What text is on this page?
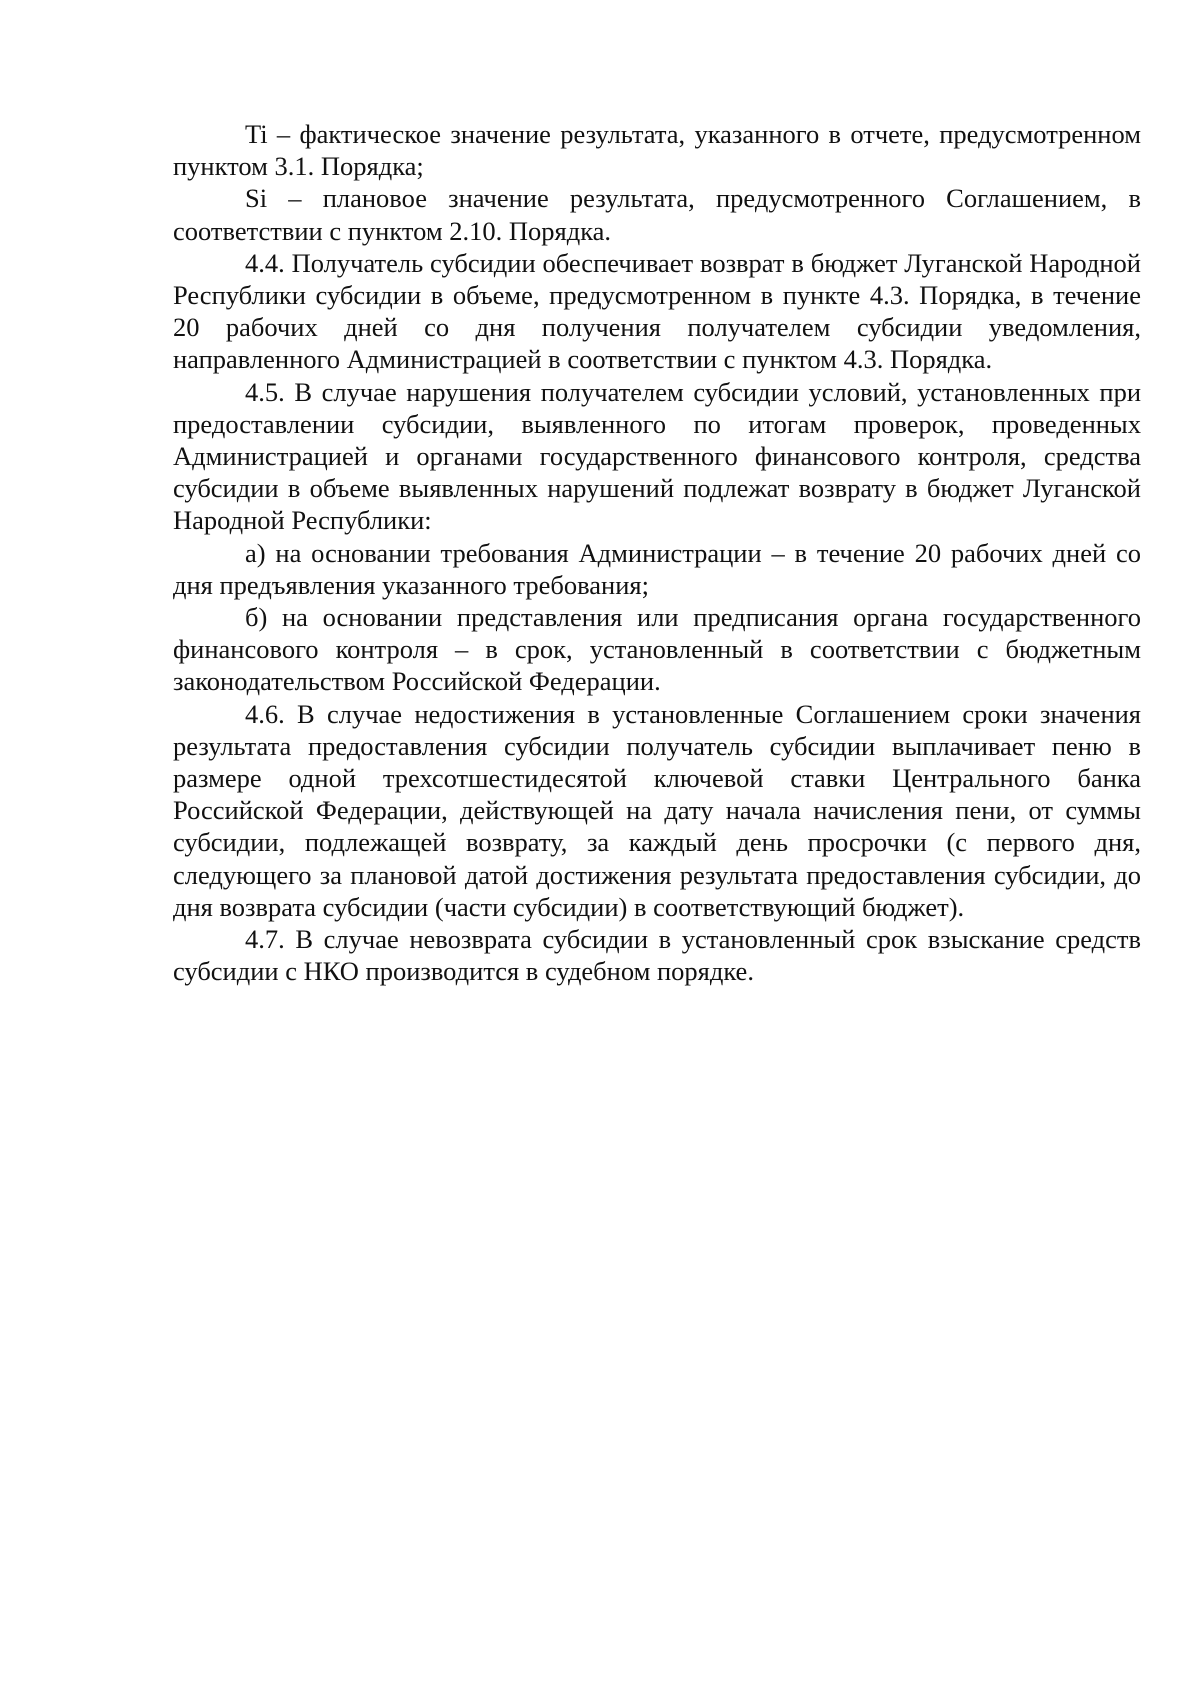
Ti – фактическое значение результата, указанного в отчете, предусмотренном пунктом 3.1. Порядка;

Si – плановое значение результата, предусмотренного Соглашением, в соответствии с пунктом 2.10. Порядка.

4.4. Получатель субсидии обеспечивает возврат в бюджет Луганской Народной Республики субсидии в объеме, предусмотренном в пункте 4.3. Порядка, в течение 20 рабочих дней со дня получения получателем субсидии уведомления, направленного Администрацией в соответствии с пунктом 4.3. Порядка.

4.5. В случае нарушения получателем субсидии условий, установленных при предоставлении субсидии, выявленного по итогам проверок, проведенных Администрацией и органами государственного финансового контроля, средства субсидии в объеме выявленных нарушений подлежат возврату в бюджет Луганской Народной Республики:

а) на основании требования Администрации – в течение 20 рабочих дней со дня предъявления указанного требования;

б) на основании представления или предписания органа государственного финансового контроля – в срок, установленный в соответствии с бюджетным законодательством Российской Федерации.

4.6. В случае недостижения в установленные Соглашением сроки значения результата предоставления субсидии получатель субсидии выплачивает пеню в размере одной трехсотшестидесятой ключевой ставки Центрального банка Российской Федерации, действующей на дату начала начисления пени, от суммы субсидии, подлежащей возврату, за каждый день просрочки (с первого дня, следующего за плановой датой достижения результата предоставления субсидии, до дня возврата субсидии (части субсидии) в соответствующий бюджет).

4.7. В случае невозврата субсидии в установленный срок взыскание средств субсидии с НКО производится в судебном порядке.
